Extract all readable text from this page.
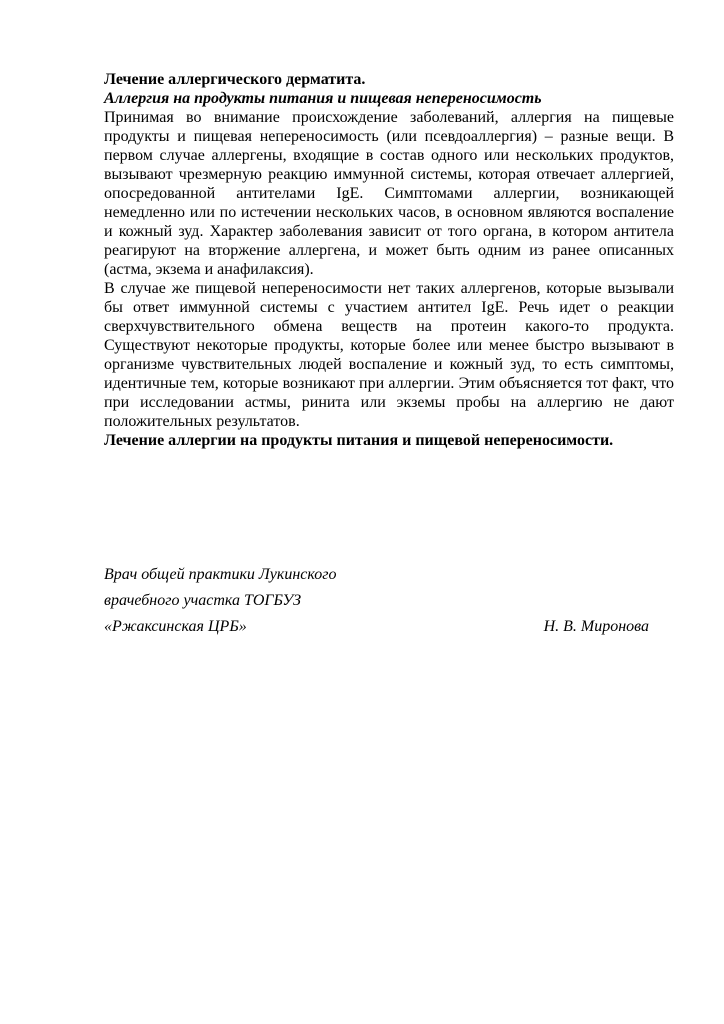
Лечение аллергического дерматита.

Аллергия на продукты питания и пищевая непереносимость

Принимая во внимание происхождение заболеваний, аллергия на пищевые продукты и пищевая непереносимость (или псевдоаллергия) – разные вещи. В первом случае аллергены, входящие в состав одного или нескольких продуктов, вызывают чрезмерную реакцию иммунной системы, которая отвечает аллергией, опосредованной антителами IgE. Симптомами аллергии, возникающей немедленно или по истечении нескольких часов, в основном являются воспаление и кожный зуд. Характер заболевания зависит от того органа, в котором антитела реагируют на вторжение аллергена, и может быть одним из ранее описанных (астма, экзема и анафилаксия).

В случае же пищевой непереносимости нет таких аллергенов, которые вызывали бы ответ иммунной системы с участием антител IgE. Речь идет о реакции сверхчувствительного обмена веществ на протеин какого-то продукта. Существуют некоторые продукты, которые более или менее быстро вызывают в организме чувствительных людей воспаление и кожный зуд, то есть симптомы, идентичные тем, которые возникают при аллергии. Этим объясняется тот факт, что при исследовании астмы, ринита или экземы пробы на аллергию не дают положительных результатов.

Лечение аллергии на продукты питания и пищевой непереносимости.

Врач общей практики Лукинского

врачебного участка ТОГБУЗ

«Ржаксинская ЦРБ»	Н. В. Миронова
